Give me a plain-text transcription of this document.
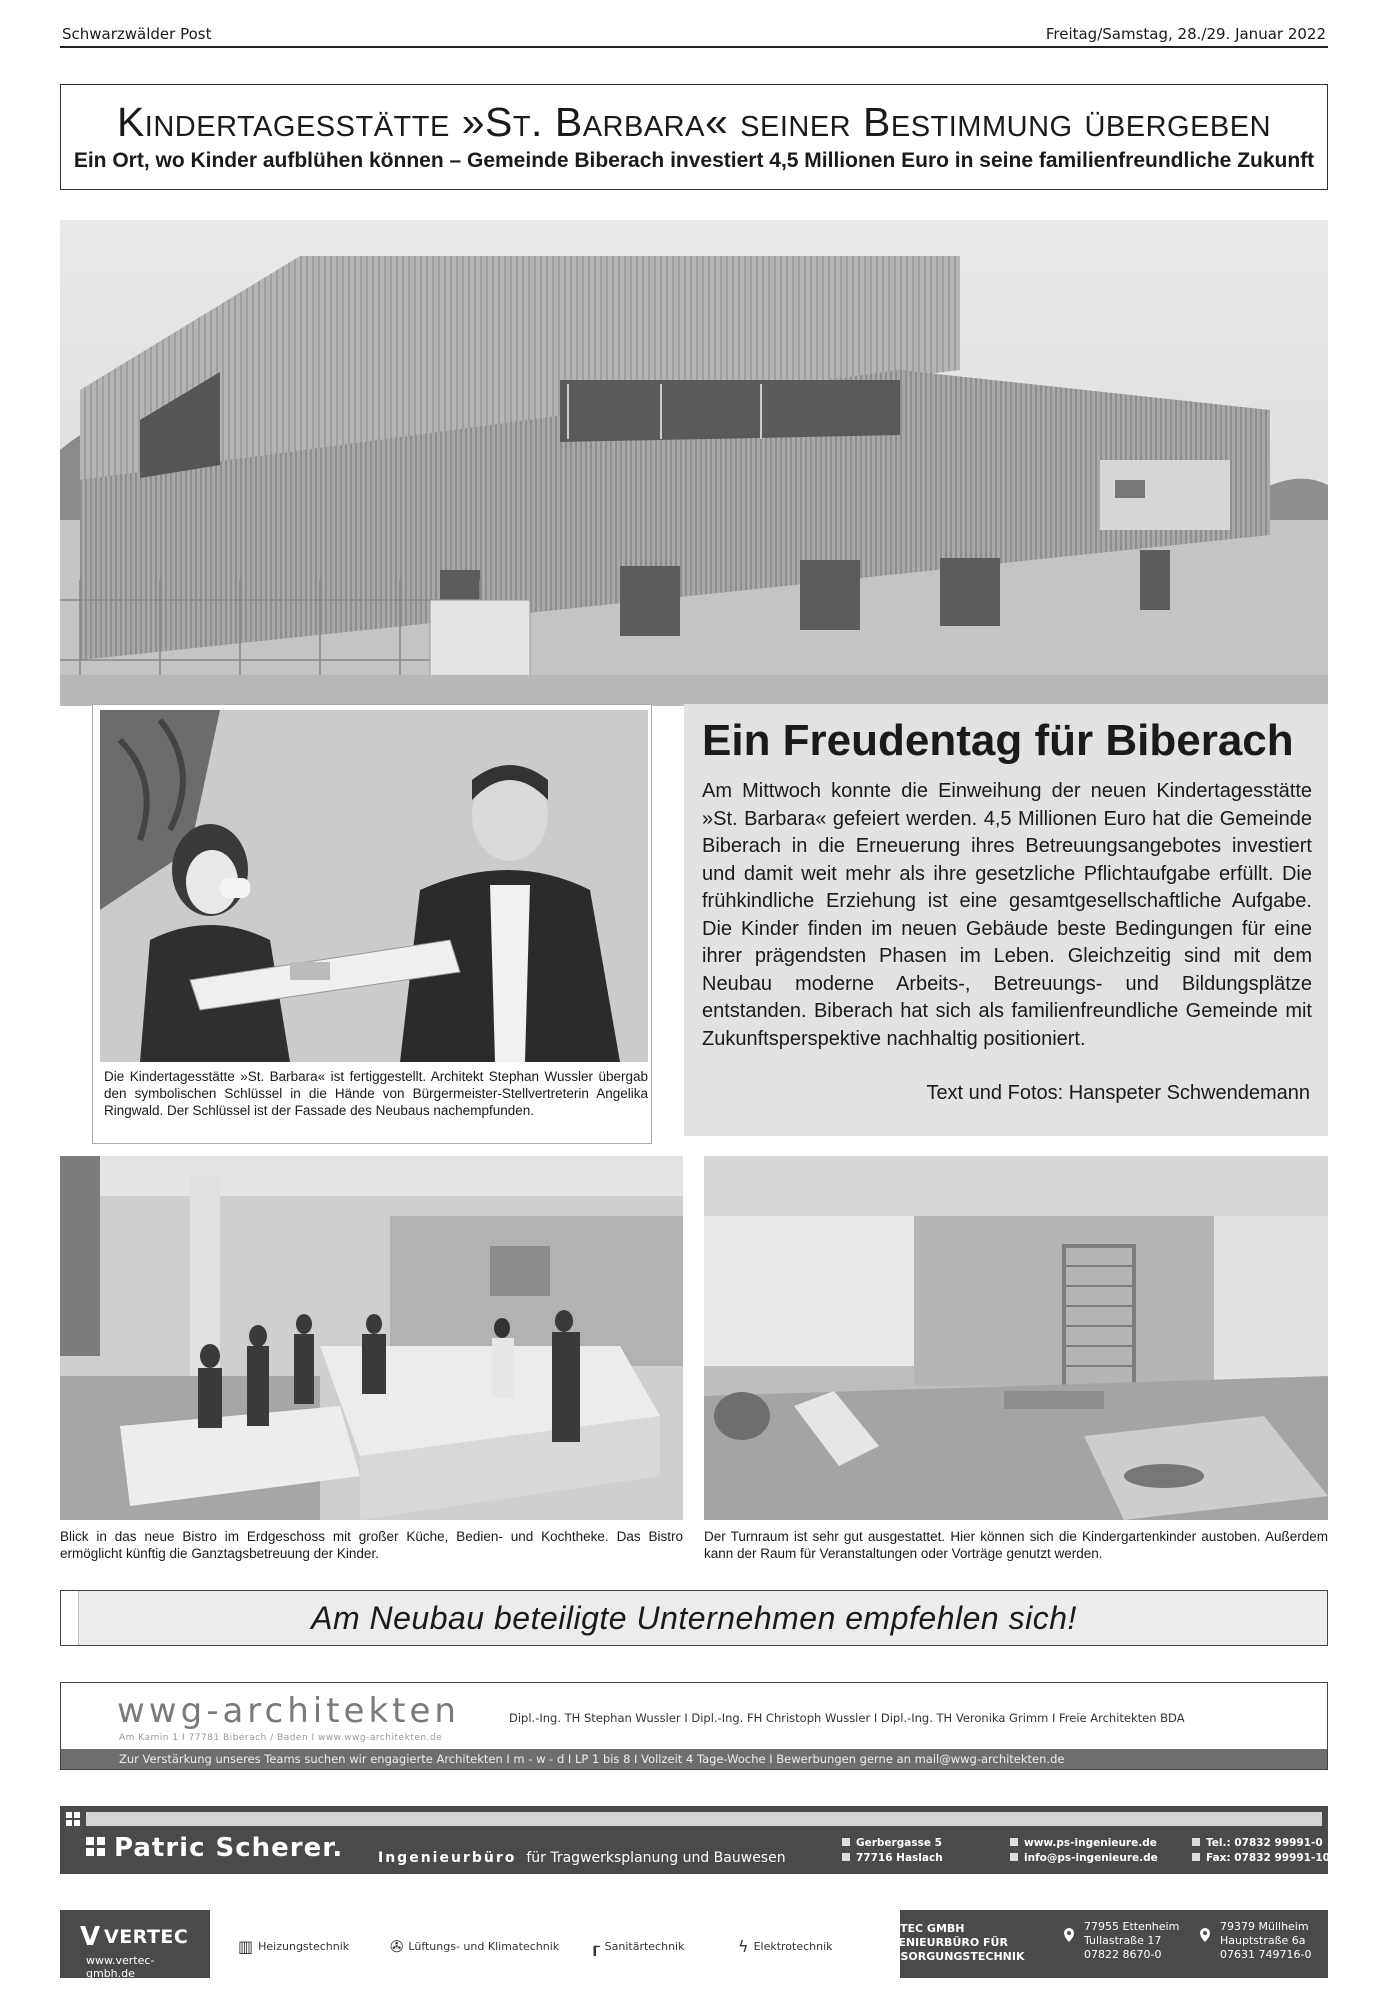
Schwarzwälder Post	Freitag/Samstag, 28./29. Januar 2022
Kindertagesstätte »St. Barbara« seiner Bestimmung übergeben
Ein Ort, wo Kinder aufblühen können – Gemeinde Biberach investiert 4,5 Millionen Euro in seine familienfreundliche Zukunft
Die Kindertagesstätte »St. Barbara« ist fertiggestellt. Architekt Stephan Wussler übergab den symbolischen Schlüssel in die Hände von Bürgermeister-Stellvertreterin Angelika Ringwald. Der Schlüssel ist der Fassade des Neubaus nachempfunden.
Ein Freudentag für Biberach
Am Mittwoch konnte die Einweihung der neuen Kindertagesstätte »St. Barbara« gefeiert werden. 4,5 Millionen Euro hat die Gemeinde Biberach in die Erneuerung ihres Betreuungsangebotes investiert und damit weit mehr als ihre gesetzliche Pflichtaufgabe erfüllt. Die frühkindliche Erziehung ist eine gesamtgesellschaftliche Aufgabe. Die Kinder finden im neuen Gebäude beste Bedingungen für eine ihrer prägendsten Phasen im Leben. Gleichzeitig sind mit dem Neubau moderne Arbeits-, Betreuungs- und Bildungsplätze entstanden. Biberach hat sich als familienfreundliche Gemeinde mit Zukunftsperspektive nachhaltig positioniert.
Text und Fotos: Hanspeter Schwendemann
Blick in das neue Bistro im Erdgeschoss mit großer Küche, Bedien- und Kochtheke. Das Bistro ermöglicht künftig die Ganztagsbetreuung der Kinder.
Der Turnraum ist sehr gut ausgestattet. Hier können sich die Kindergartenkinder austoben. Außerdem kann der Raum für Veranstaltungen oder Vorträge genutzt werden.
Am Neubau beteiligte Unternehmen empfehlen sich!
wwg-architekten
Am Kamin 1 I 77781 Biberach / Baden I www.wwg-architekten.de
Dipl.-Ing. TH Stephan Wussler I Dipl.-Ing. FH Christoph Wussler I Dipl.-Ing. TH Veronika Grimm I Freie Architekten BDA
Zur Verstärkung unseres Teams suchen wir engagierte Architekten I m - w - d I LP 1 bis 8 I Vollzeit 4 Tage-Woche I Bewerbungen gerne an mail@wwg-architekten.de
Patric Scherer. Ingenieurbüro für Tragwerksplanung und Bauwesen
Gerbergasse 5
77716 Haslach
www.ps-ingenieure.de
info@ps-ingenieure.de
Tel.: 07832 99991-0
Fax: 07832 99991-10
V VERTEC
www.vertec-gmbh.de
▥ Heizungstechnik	✇ Lüftungs- und Klimatechnik ┎ Sanitärtechnik	ϟ Elektrotechnik
VERTEC GMBH
INGENIEURBÜRO FÜR
VERSORGUNGSTECHNIK
77955 Ettenheim
Tullastraße 17
07822 8670-0
79379 Müllheim
Hauptstraße 6a
07631 749716-0
